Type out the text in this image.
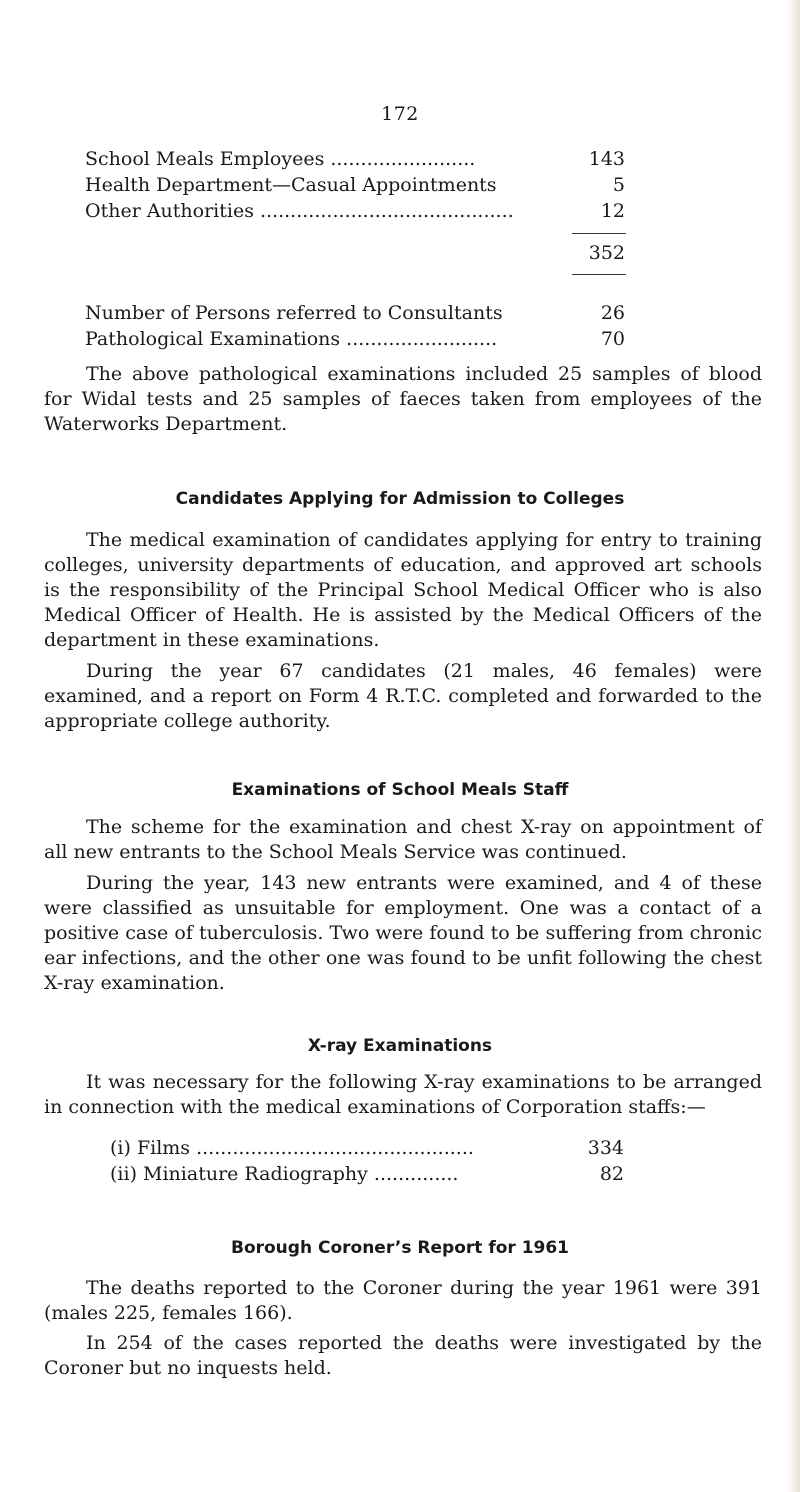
172
School Meals Employees ........................	143
Health Department—Casual Appointments	5
Other Authorities ..........................................	12
352
Number of Persons referred to Consultants	26
Pathological Examinations .........................	70

The above pathological examinations included 25 samples of blood for Widal tests and 25 samples of faeces taken from employees of the Waterworks Department.

Candidates Applying for Admission to Colleges

The medical examination of candidates applying for entry to training colleges, university departments of education, and approved art schools is the responsibility of the Principal School Medical Officer who is also Medical Officer of Health. He is assisted by the Medical Officers of the department in these examinations.

During the year 67 candidates (21 males, 46 females) were examined, and a report on Form 4 R.T.C. completed and forwarded to the appropriate college authority.

Examinations of School Meals Staff

The scheme for the examination and chest X-ray on appointment of all new entrants to the School Meals Service was continued.

During the year, 143 new entrants were examined, and 4 of these were classified as unsuitable for employment. One was a contact of a positive case of tuberculosis. Two were found to be suffering from chronic ear infections, and the other one was found to be unfit following the chest X-ray examination.

X-ray Examinations

It was necessary for the following X-ray examinations to be arranged in connection with the medical examinations of Corporation staffs:—

(i) Films ..............................................	334
(ii) Miniature Radiography ..............	82
Borough Coroner’s Report for 1961

The deaths reported to the Coroner during the year 1961 were 391 (males 225, females 166).

In 254 of the cases reported the deaths were investigated by the Coroner but no inquests held.
